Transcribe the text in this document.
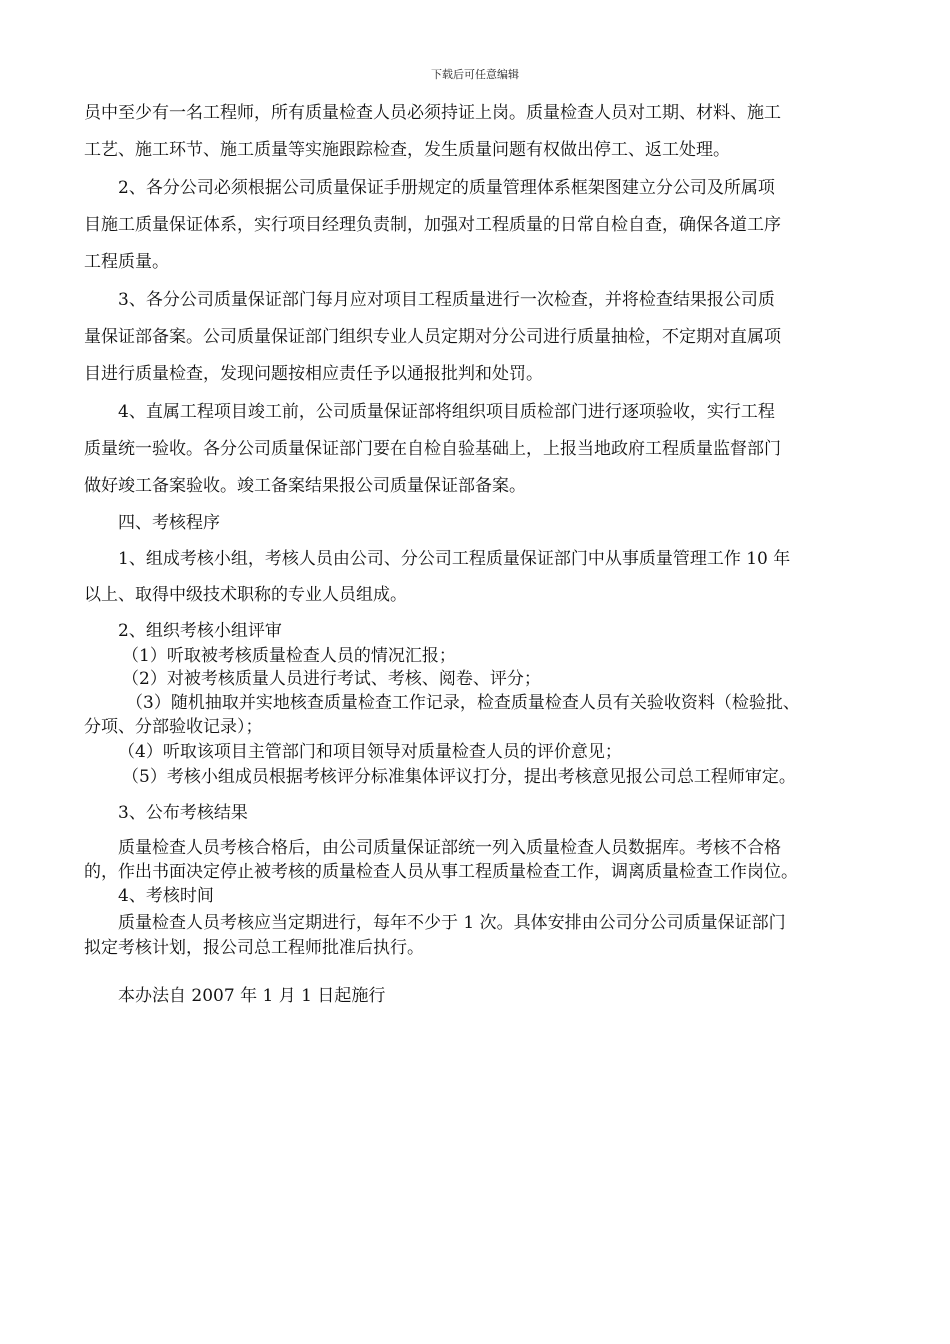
下载后可任意编辑
员中至少有一名工程师，所有质量检查人员必须持证上岗。质量检查人员对工期、材料、施工
工艺、施工环节、施工质量等实施跟踪检查，发生质量问题有权做出停工、返工处理。
2、各分公司必须根据公司质量保证手册规定的质量管理体系框架图建立分公司及所属项
目施工质量保证体系，实行项目经理负责制，加强对工程质量的日常自检自查，确保各道工序
工程质量。
3、各分公司质量保证部门每月应对项目工程质量进行一次检查，并将检查结果报公司质
量保证部备案。公司质量保证部门组织专业人员定期对分公司进行质量抽检，不定期对直属项
目进行质量检查，发现问题按相应责任予以通报批判和处罚。
4、直属工程项目竣工前，公司质量保证部将组织项目质检部门进行逐项验收，实行工程
质量统一验收。各分公司质量保证部门要在自检自验基础上，上报当地政府工程质量监督部门
做好竣工备案验收。竣工备案结果报公司质量保证部备案。
四、考核程序
1、组成考核小组，考核人员由公司、分公司工程质量保证部门中从事质量管理工作 10 年
以上、取得中级技术职称的专业人员组成。
2、组织考核小组评审
（1）听取被考核质量检查人员的情况汇报；
（2）对被考核质量人员进行考试、考核、阅卷、评分；
（3）随机抽取并实地核查质量检查工作记录，检查质量检查人员有关验收资料（检验批、
分项、分部验收记录）；
（4）听取该项目主管部门和项目领导对质量检查人员的评价意见；
（5）考核小组成员根据考核评分标准集体评议打分，提出考核意见报公司总工程师审定。
3、公布考核结果
质量检查人员考核合格后，由公司质量保证部统一列入质量检查人员数据库。考核不合格
的，作出书面决定停止被考核的质量检查人员从事工程质量检查工作，调离质量检查工作岗位。
4、考核时间
质量检查人员考核应当定期进行，每年不少于 1 次。具体安排由公司分公司质量保证部门
拟定考核计划，报公司总工程师批准后执行。
本办法自 2007 年 1 月 1 日起施行
